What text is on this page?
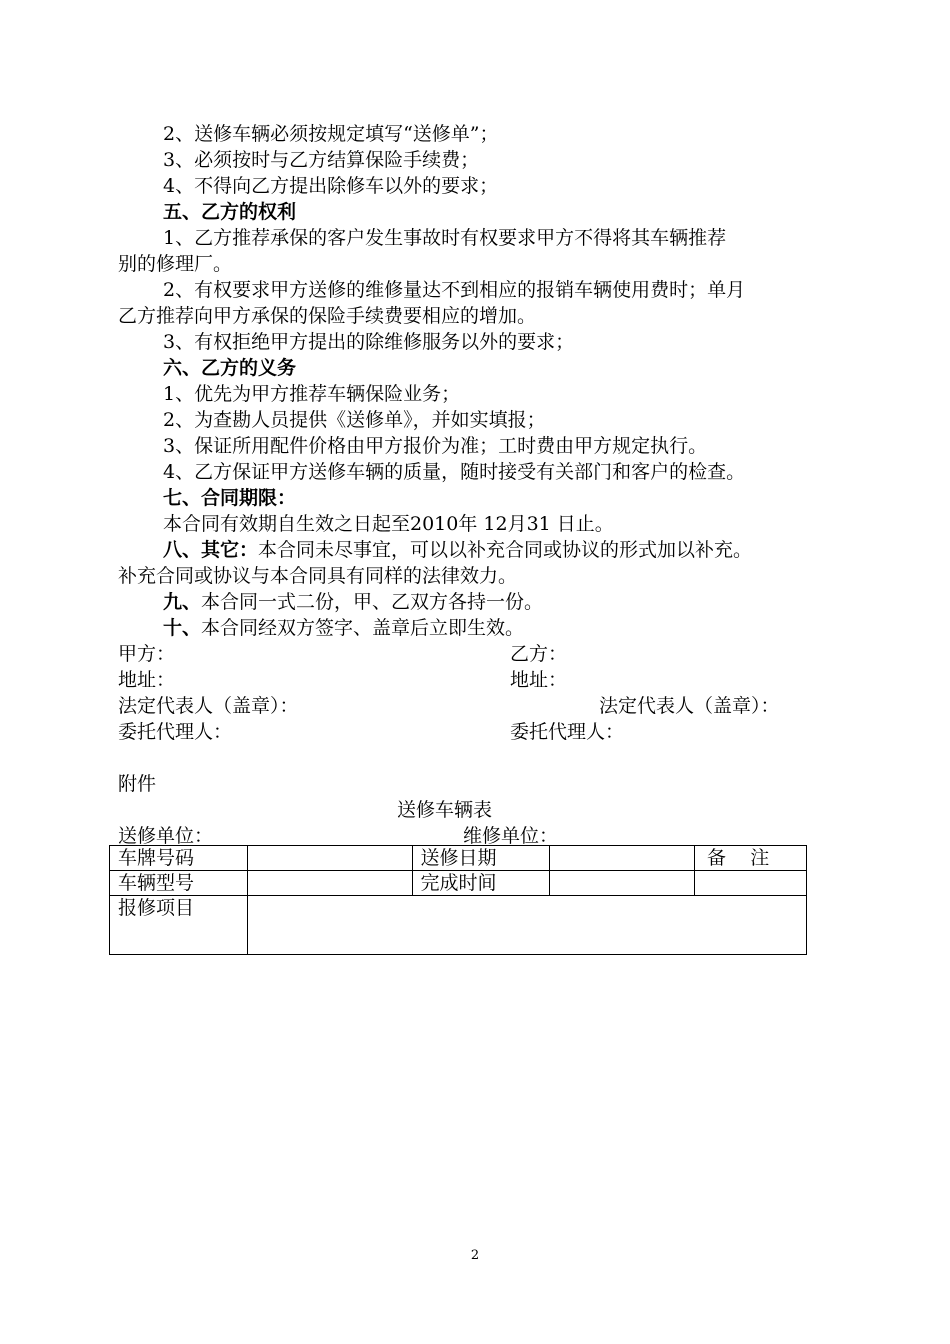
2、送修车辆必须按规定填写“送修单”；
3、必须按时与乙方结算保险手续费；
4、不得向乙方提出除修车以外的要求；
五、乙方的权利
1、乙方推荐承保的客户发生事故时有权要求甲方不得将其车辆推荐
别的修理厂。
2、有权要求甲方送修的维修量达不到相应的报销车辆使用费时；单月
乙方推荐向甲方承保的保险手续费要相应的增加。
3、有权拒绝甲方提出的除维修服务以外的要求；
六、乙方的义务
1、优先为甲方推荐车辆保险业务；
2、为查勘人员提供《送修单》，并如实填报；
3、保证所用配件价格由甲方报价为准；工时费由甲方规定执行。
4、乙方保证甲方送修车辆的质量，随时接受有关部门和客户的检查。
七、合同期限：
本合同有效期自生效之日起至2010年 12月31 日止。
八、其它：本合同未尽事宜，可以以补充合同或协议的形式加以补充。
补充合同或协议与本合同具有同样的法律效力。
九、本合同一式二份，甲、乙双方各持一份。
十、本合同经双方签字、盖章后立即生效。
甲方：	乙方：
地址：	地址：
法定代表人（盖章）：	法定代表人（盖章）：
委托代理人：	委托代理人：
附件
送修车辆表
送修单位：	维修单位：
车牌号码		送修日期		备    注
车辆型号		完成时间		
报修项目				
2
